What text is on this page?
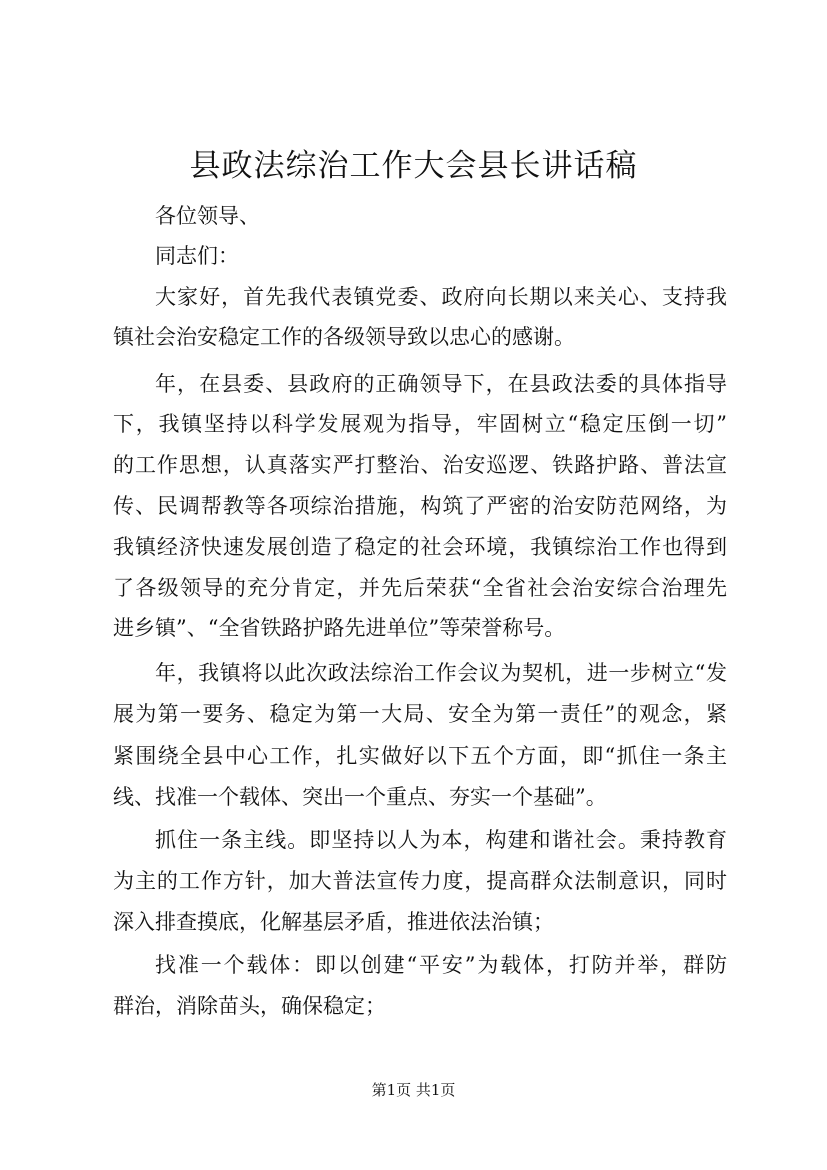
县政法综治工作大会县长讲话稿
各位领导、
同志们：
大家好，首先我代表镇党委、政府向长期以来关心、支持我
镇社会治安稳定工作的各级领导致以忠心的感谢。
年，在县委、县政府的正确领导下，在县政法委的具体指导
下，我镇坚持以科学发展观为指导，牢固树立“稳定压倒一切”
的工作思想，认真落实严打整治、治安巡逻、铁路护路、普法宣
传、民调帮教等各项综治措施，构筑了严密的治安防范网络，为
我镇经济快速发展创造了稳定的社会环境，我镇综治工作也得到
了各级领导的充分肯定，并先后荣获“全省社会治安综合治理先
进乡镇”、“全省铁路护路先进单位”等荣誉称号。
年，我镇将以此次政法综治工作会议为契机，进一步树立“发
展为第一要务、稳定为第一大局、安全为第一责任”的观念，紧
紧围绕全县中心工作，扎实做好以下五个方面，即“抓住一条主
线、找准一个载体、突出一个重点、夯实一个基础”。
抓住一条主线。即坚持以人为本，构建和谐社会。秉持教育
为主的工作方针，加大普法宣传力度，提高群众法制意识，同时
深入排查摸底，化解基层矛盾，推进依法治镇；
找准一个载体：即以创建“平安”为载体，打防并举，群防
群治，消除苗头，确保稳定；
第1页 共1页
